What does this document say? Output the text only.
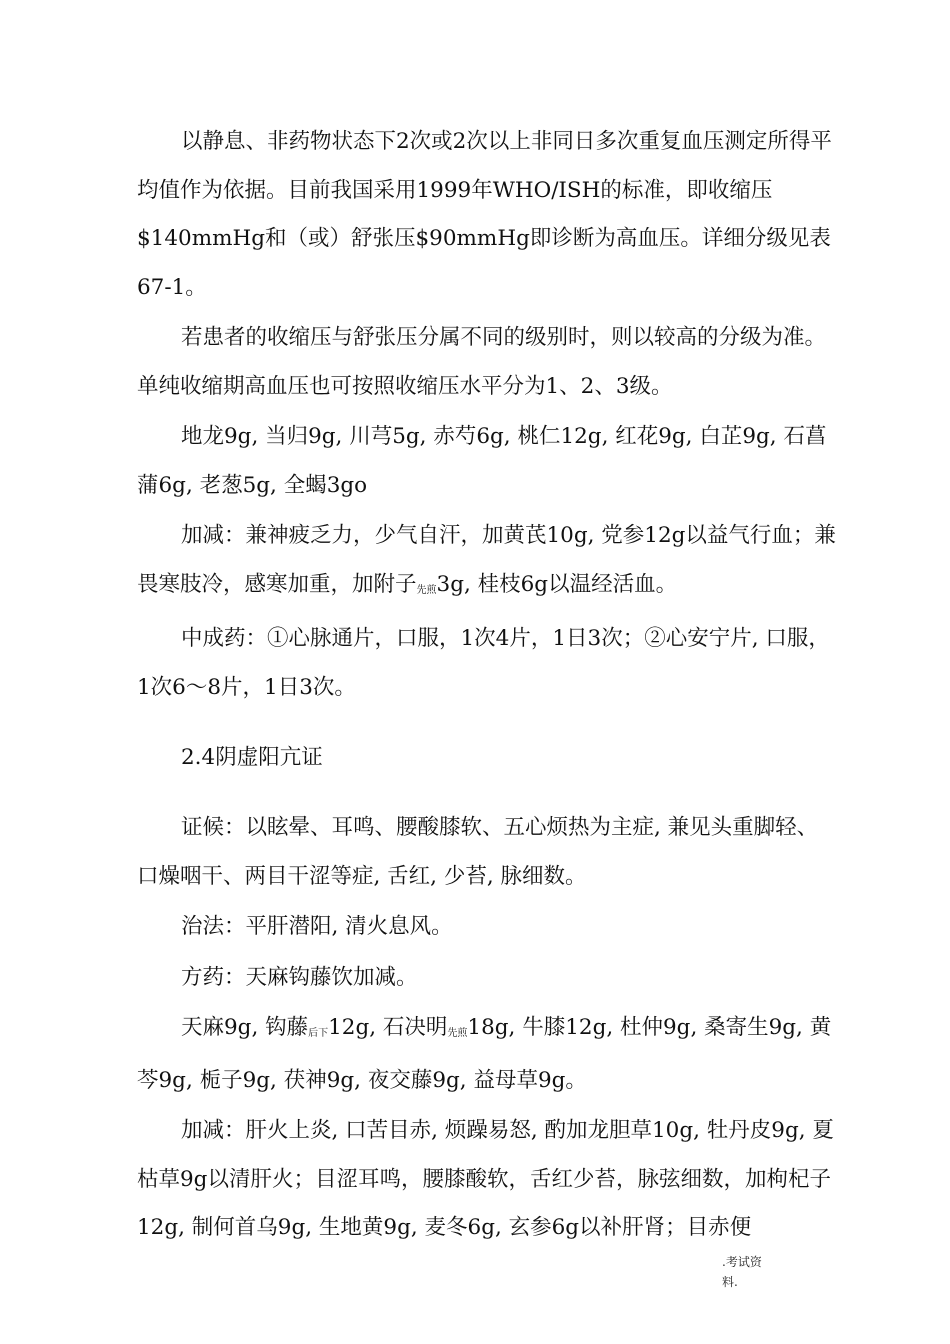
以静息、非药物状态下2次或2次以上非同日多次重复血压测定所得平均值作为依据。目前我国采用1999年WHO/ISH的标准，即收缩压$140mmHg和（或）舒张压$90mmHg即诊断为高血压。详细分级见表67-1。

若患者的收缩压与舒张压分属不同的级别时，则以较高的分级为准。单纯收缩期高血压也可按照收缩压水平分为1、2、3级。

地龙9g, 当归9g, 川芎5g, 赤芍6g, 桃仁12g, 红花9g, 白芷9g, 石菖蒲6g, 老葱5g, 全蝎3go

加减：兼神疲乏力，少气自汗，加黄芪10g, 党参12g以益气行血；兼畏寒肢冷，感寒加重，加附子先煎3g, 桂枝6g以温经活血。

中成药：①心脉通片，口服，1次4片，1日3次；②心安宁片, 口服，1次6〜8片，1日3次。

2.4阴虚阳亢证

证候：以眩晕、耳鸣、腰酸膝软、五心烦热为主症, 兼见头重脚轻、口燥咽干、两目干涩等症, 舌红, 少苔, 脉细数。

治法：平肝潜阳, 清火息风。

方药：天麻钩藤饮加减。

天麻9g, 钩藤后下12g, 石决明先煎18g, 牛膝12g, 杜仲9g, 桑寄生9g, 黄芩9g, 栀子9g, 茯神9g, 夜交藤9g, 益母草9g。

加减：肝火上炎, 口苦目赤, 烦躁易怒, 酌加龙胆草10g, 牡丹皮9g, 夏枯草9g以清肝火；目涩耳鸣，腰膝酸软，舌红少苔，脉弦细数，加枸杞子12g, 制何首乌9g, 生地黄9g, 麦冬6g, 玄参6g以补肝肾；目赤便

.考试资
料.
